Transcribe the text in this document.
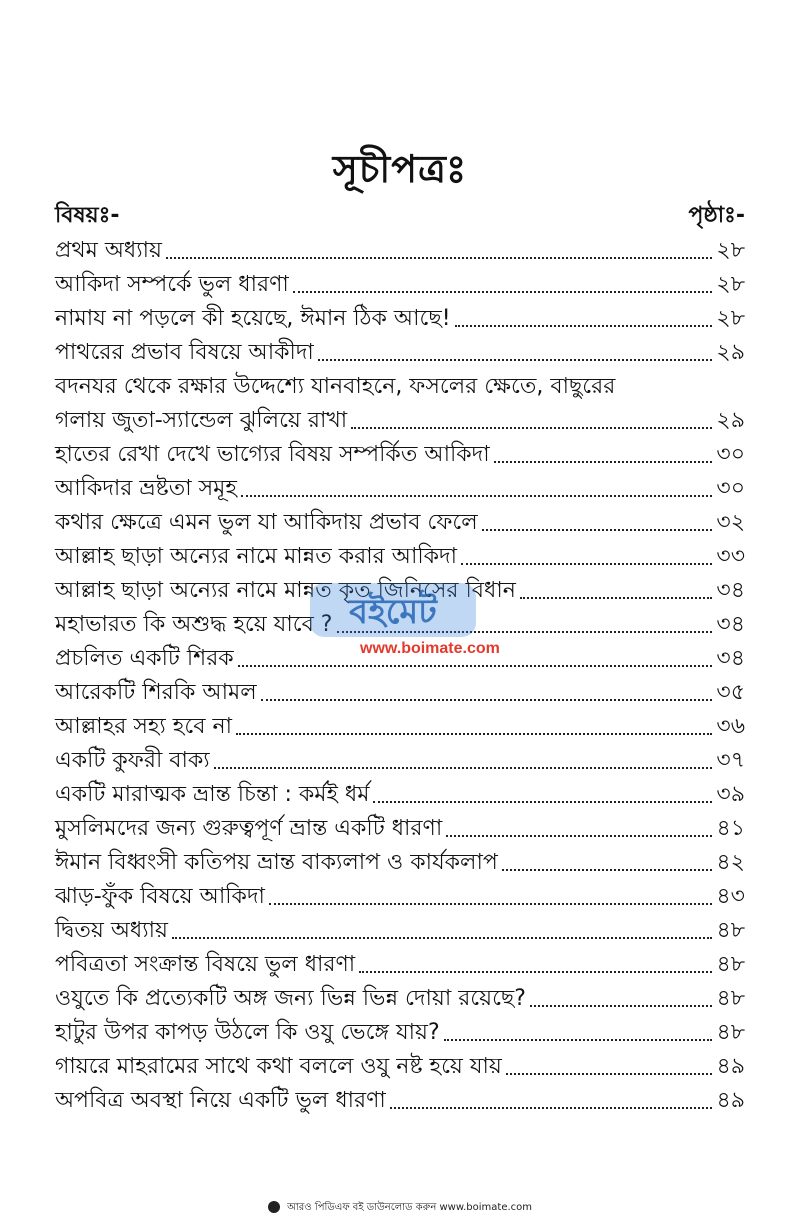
সূচীপত্রঃ
বিষয়ঃ-	পৃষ্ঠাঃ-
প্রথম অধ্যায়	২৮
আকিদা সম্পর্কে ভুল ধারণা	২৮
নামায না পড়লে কী হয়েছে, ঈমান ঠিক আছে!	২৮
পাথরের প্রভাব বিষয়ে আকীদা	২৯
বদনযর থেকে রক্ষার উদ্দেশ্যে যানবাহনে, ফসলের ক্ষেতে, বাছুরের
গলায় জুতা-স্যান্ডেল ঝুলিয়ে রাখা	২৯
হাতের রেখা দেখে ভাগ্যের বিষয় সম্পর্কিত আকিদা	৩০
আকিদার ভ্রষ্টতা সমূহ	৩০
কথার ক্ষেত্রে এমন ভুল যা আকিদায় প্রভাব ফেলে	৩২
আল্লাহ ছাড়া অন্যের নামে মান্নত করার আকিদা	৩৩
আল্লাহ ছাড়া অন্যের নামে মান্নত কৃত জিনিসের বিধান	৩৪
মহাভারত কি অশুদ্ধ হয়ে যাবে ?	৩৪
প্রচলিত একটি শিরক	৩৪
আরেকটি শিরকি আমল	৩৫
আল্লাহর সহ্য হবে না	৩৬
একটি কুফরী বাক্য	৩৭
একটি মারাত্মক ভ্রান্ত চিন্তা : কর্মই ধর্ম	৩৯
মুসলিমদের জন্য গুরুত্বপূর্ণ ভ্রান্ত একটি ধারণা	৪১
ঈমান বিধ্বংসী কতিপয় ভ্রান্ত বাক্যলাপ ও কার্যকলাপ	৪২
ঝাড়-ফুঁক বিষয়ে আকিদা	৪৩
দ্বিতয় অধ্যায়	৪৮
পবিত্রতা সংক্রান্ত বিষয়ে ভুল ধারণা	৪৮
ওযুতে কি প্রত্যেকটি অঙ্গ জন্য ভিন্ন ভিন্ন দোয়া রয়েছে?	৪৮
হাটুর উপর কাপড় উঠলে কি ওযু ভেঙ্গে যায়?	৪৮
গায়রে মাহরামের সাথে কথা বললে ওযু নষ্ট হয়ে যায়	৪৯
অপবিত্র অবস্থা নিয়ে একটি ভুল ধারণা	৪৯
বইমেট
www.boimate.com
আরও পিডিএফ বই ডাউনলোড করুন www.boimate.com
